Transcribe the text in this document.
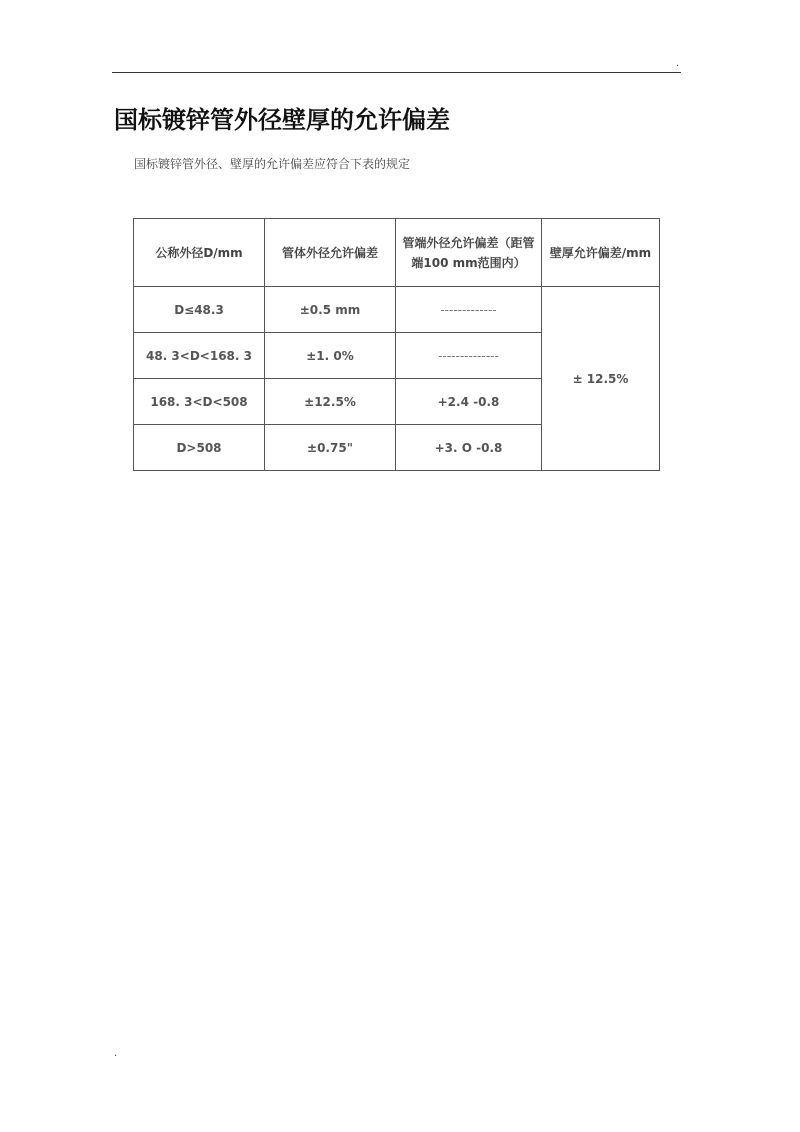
.
国标镀锌管外径壁厚的允许偏差

国标镀锌管外径、壁厚的允许偏差应符合下表的规定

公称外径D/mm	管体外径允许偏差	管端外径允许偏差（距管端100 mm范围内）	壁厚允许偏差/mm
D≤48.3	±0.5 mm	-------------	± 12.5%
48. 3<D<168. 3	±1. 0%	--------------	
168. 3<D<508	±12.5%	+2.4 -0.8	
D>508	±0.75"	+3. O -0.8	
.
